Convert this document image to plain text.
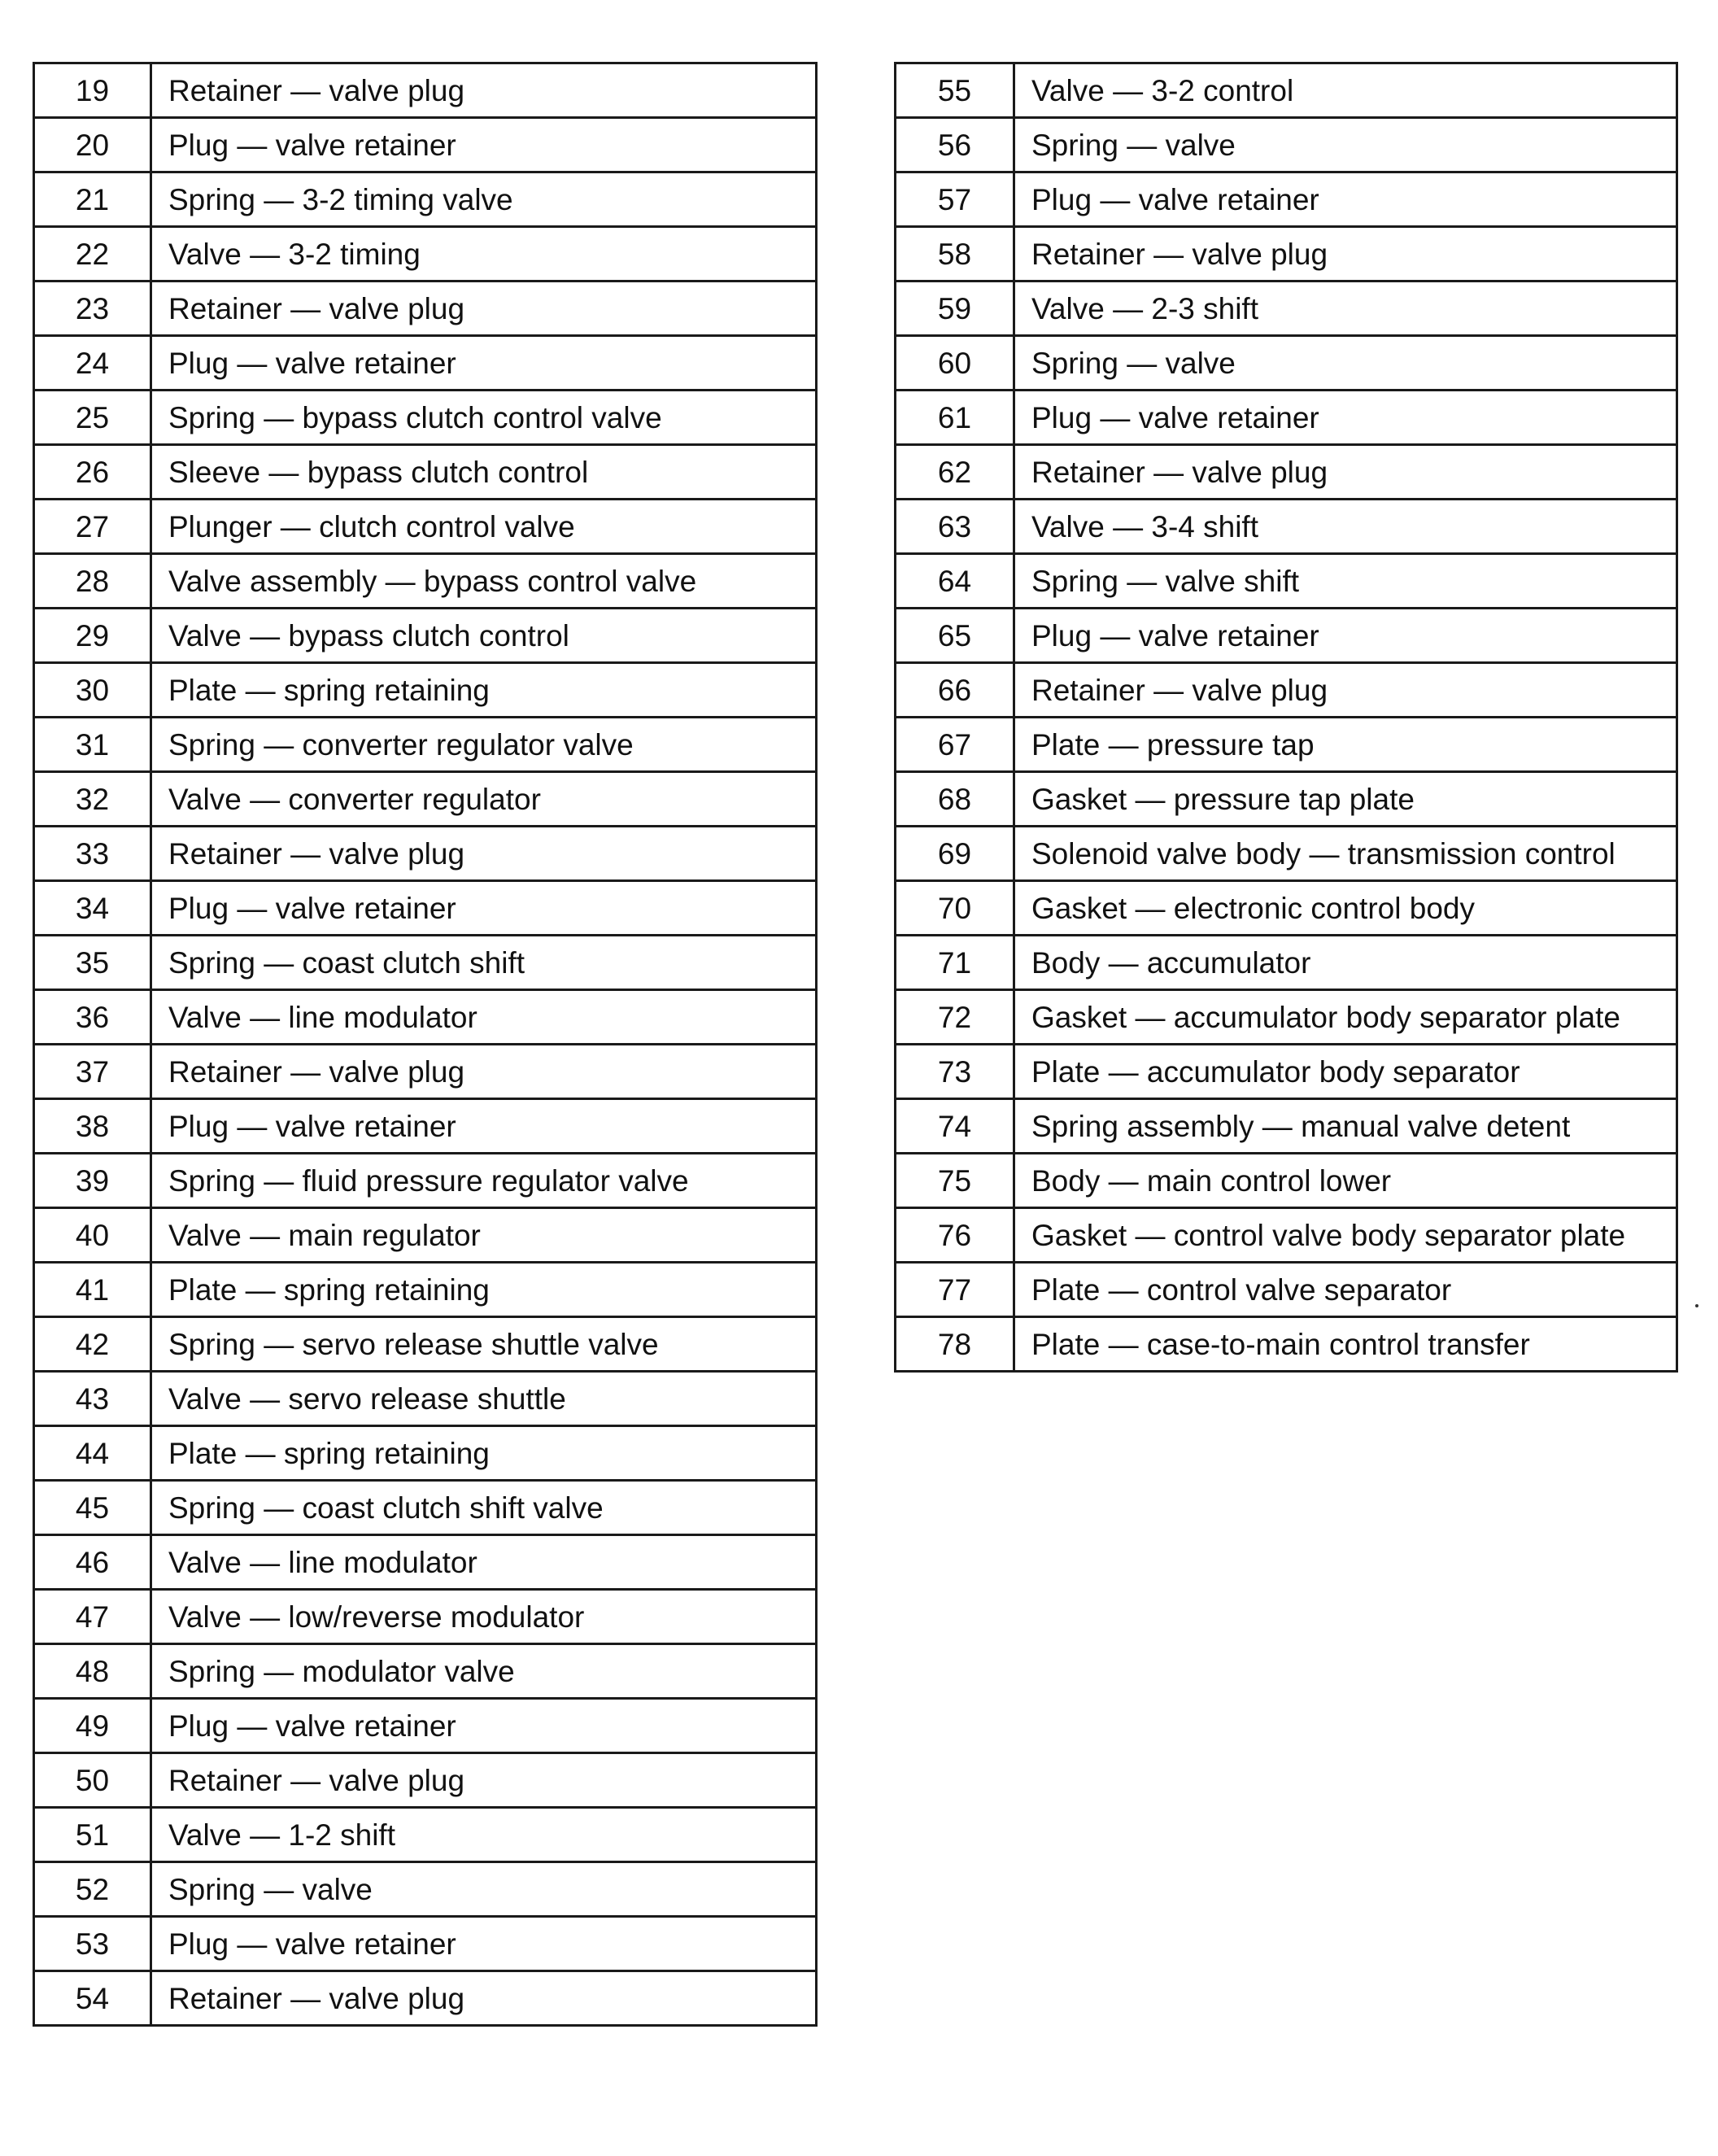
19	Retainer — valve plug
20	Plug — valve retainer
21	Spring — 3-2 timing valve
22	Valve — 3-2 timing
23	Retainer — valve plug
24	Plug — valve retainer
25	Spring — bypass clutch control valve
26	Sleeve — bypass clutch control
27	Plunger — clutch control valve
28	Valve assembly — bypass control valve
29	Valve — bypass clutch control
30	Plate — spring retaining
31	Spring — converter regulator valve
32	Valve — converter regulator
33	Retainer — valve plug
34	Plug — valve retainer
35	Spring — coast clutch shift
36	Valve — line modulator
37	Retainer — valve plug
38	Plug — valve retainer
39	Spring — fluid pressure regulator valve
40	Valve — main regulator
41	Plate — spring retaining
42	Spring — servo release shuttle valve
43	Valve — servo release shuttle
44	Plate — spring retaining
45	Spring — coast clutch shift valve
46	Valve — line modulator
47	Valve — low/reverse modulator
48	Spring — modulator valve
49	Plug — valve retainer
50	Retainer — valve plug
51	Valve — 1-2 shift
52	Spring — valve
53	Plug — valve retainer
54	Retainer — valve plug
55	Valve — 3-2 control
56	Spring — valve
57	Plug — valve retainer
58	Retainer — valve plug
59	Valve — 2-3 shift
60	Spring — valve
61	Plug — valve retainer
62	Retainer — valve plug
63	Valve — 3-4 shift
64	Spring — valve shift
65	Plug — valve retainer
66	Retainer — valve plug
67	Plate — pressure tap
68	Gasket — pressure tap plate
69	Solenoid valve body — transmission control
70	Gasket — electronic control body
71	Body — accumulator
72	Gasket — accumulator body separator plate
73	Plate — accumulator body separator
74	Spring assembly — manual valve detent
75	Body — main control lower
76	Gasket — control valve body separator plate
77	Plate — control valve separator
78	Plate — case-to-main control transfer
